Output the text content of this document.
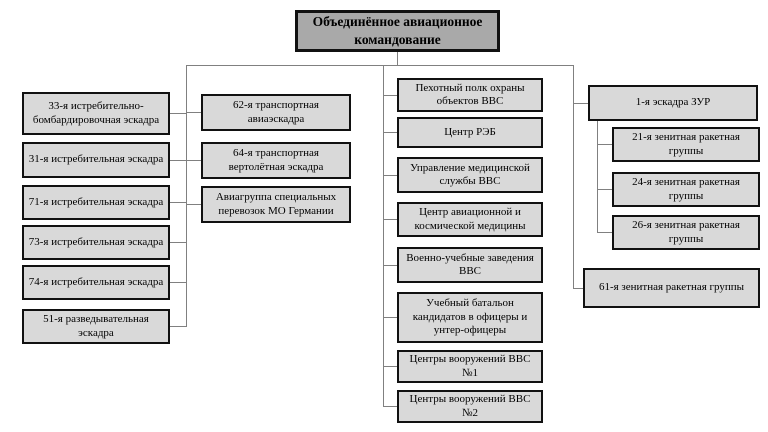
Объединённое авиационное командование
33-я истребительно-бомбардировочная эскадра
31-я истребительная эскадра
71-я истребительная эскадра
73-я истребительная эскадра
74-я истребительная эскадра
51-я разведывательная эскадра
62-я транспортная авиаэскадра
64-я транспортная вертолётная эскадра
Авиагруппа специальных перевозок МО Германии
Пехотный полк охраны объектов ВВС
Центр РЭБ
Управление медицинской службы ВВС
Центр авиационной и космической медицины
Военно-учебные заведения ВВС
Учебный батальон кандидатов в офицеры и унтер-офицеры
Центры вооружений ВВС №1
Центры вооружений ВВС №2
1-я эскадра ЗУР
21-я зенитная ракетная группы
24-я зенитная ракетная группы
26-я зенитная ракетная группы
61-я зенитная ракетная группы
